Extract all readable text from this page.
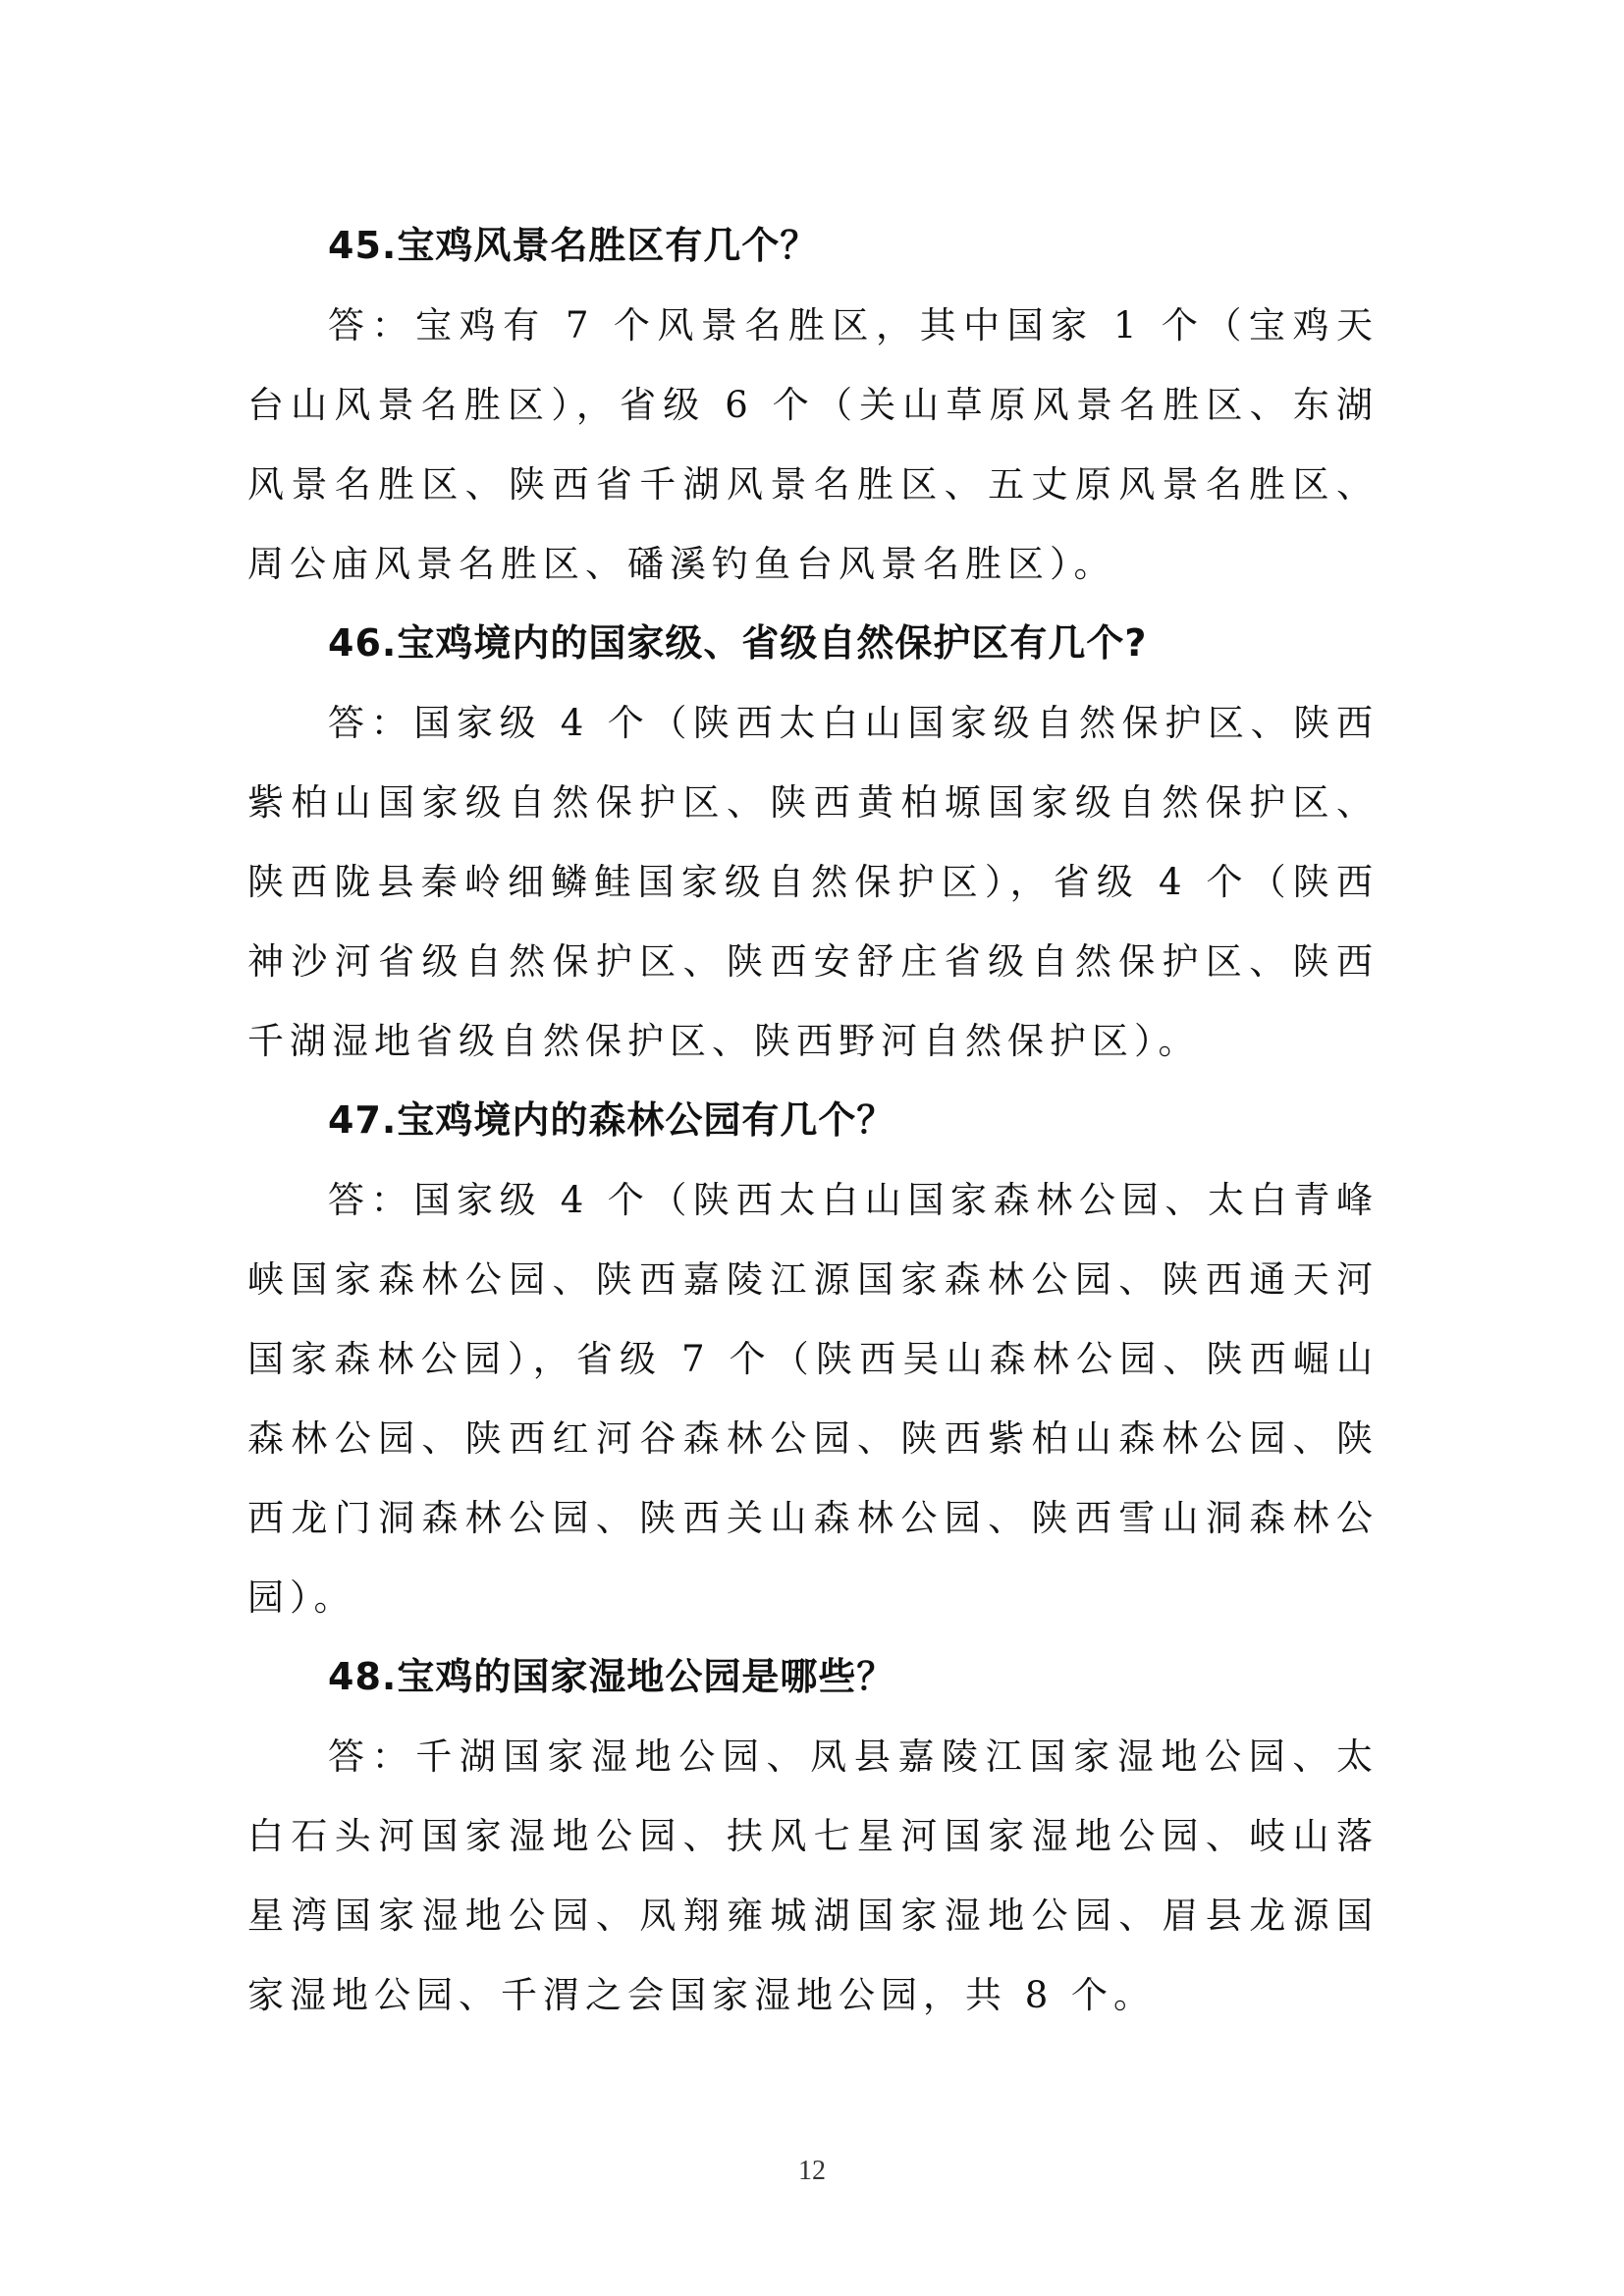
45.宝鸡风景名胜区有几个？

答：宝鸡有 7 个风景名胜区，其中国家 1 个（宝鸡天台山风景名胜区），省级 6 个（关山草原风景名胜区、东湖风景名胜区、陕西省千湖风景名胜区、五丈原风景名胜区、周公庙风景名胜区、磻溪钓鱼台风景名胜区）。

46.宝鸡境内的国家级、省级自然保护区有几个?

答：国家级 4 个（陕西太白山国家级自然保护区、陕西紫柏山国家级自然保护区、陕西黄柏塬国家级自然保护区、陕西陇县秦岭细鳞鲑国家级自然保护区），省级 4 个（陕西神沙河省级自然保护区、陕西安舒庄省级自然保护区、陕西千湖湿地省级自然保护区、陕西野河自然保护区）。

47.宝鸡境内的森林公园有几个？

答：国家级 4 个（陕西太白山国家森林公园、太白青峰峡国家森林公园、陕西嘉陵江源国家森林公园、陕西通天河国家森林公园），省级 7 个（陕西吴山森林公园、陕西崛山森林公园、陕西红河谷森林公园、陕西紫柏山森林公园、陕西龙门洞森林公园、陕西关山森林公园、陕西雪山洞森林公园）。

48.宝鸡的国家湿地公园是哪些？

答：千湖国家湿地公园、凤县嘉陵江国家湿地公园、太白石头河国家湿地公园、扶风七星河国家湿地公园、岐山落星湾国家湿地公园、凤翔雍城湖国家湿地公园、眉县龙源国家湿地公园、千渭之会国家湿地公园，共 8 个。

12
